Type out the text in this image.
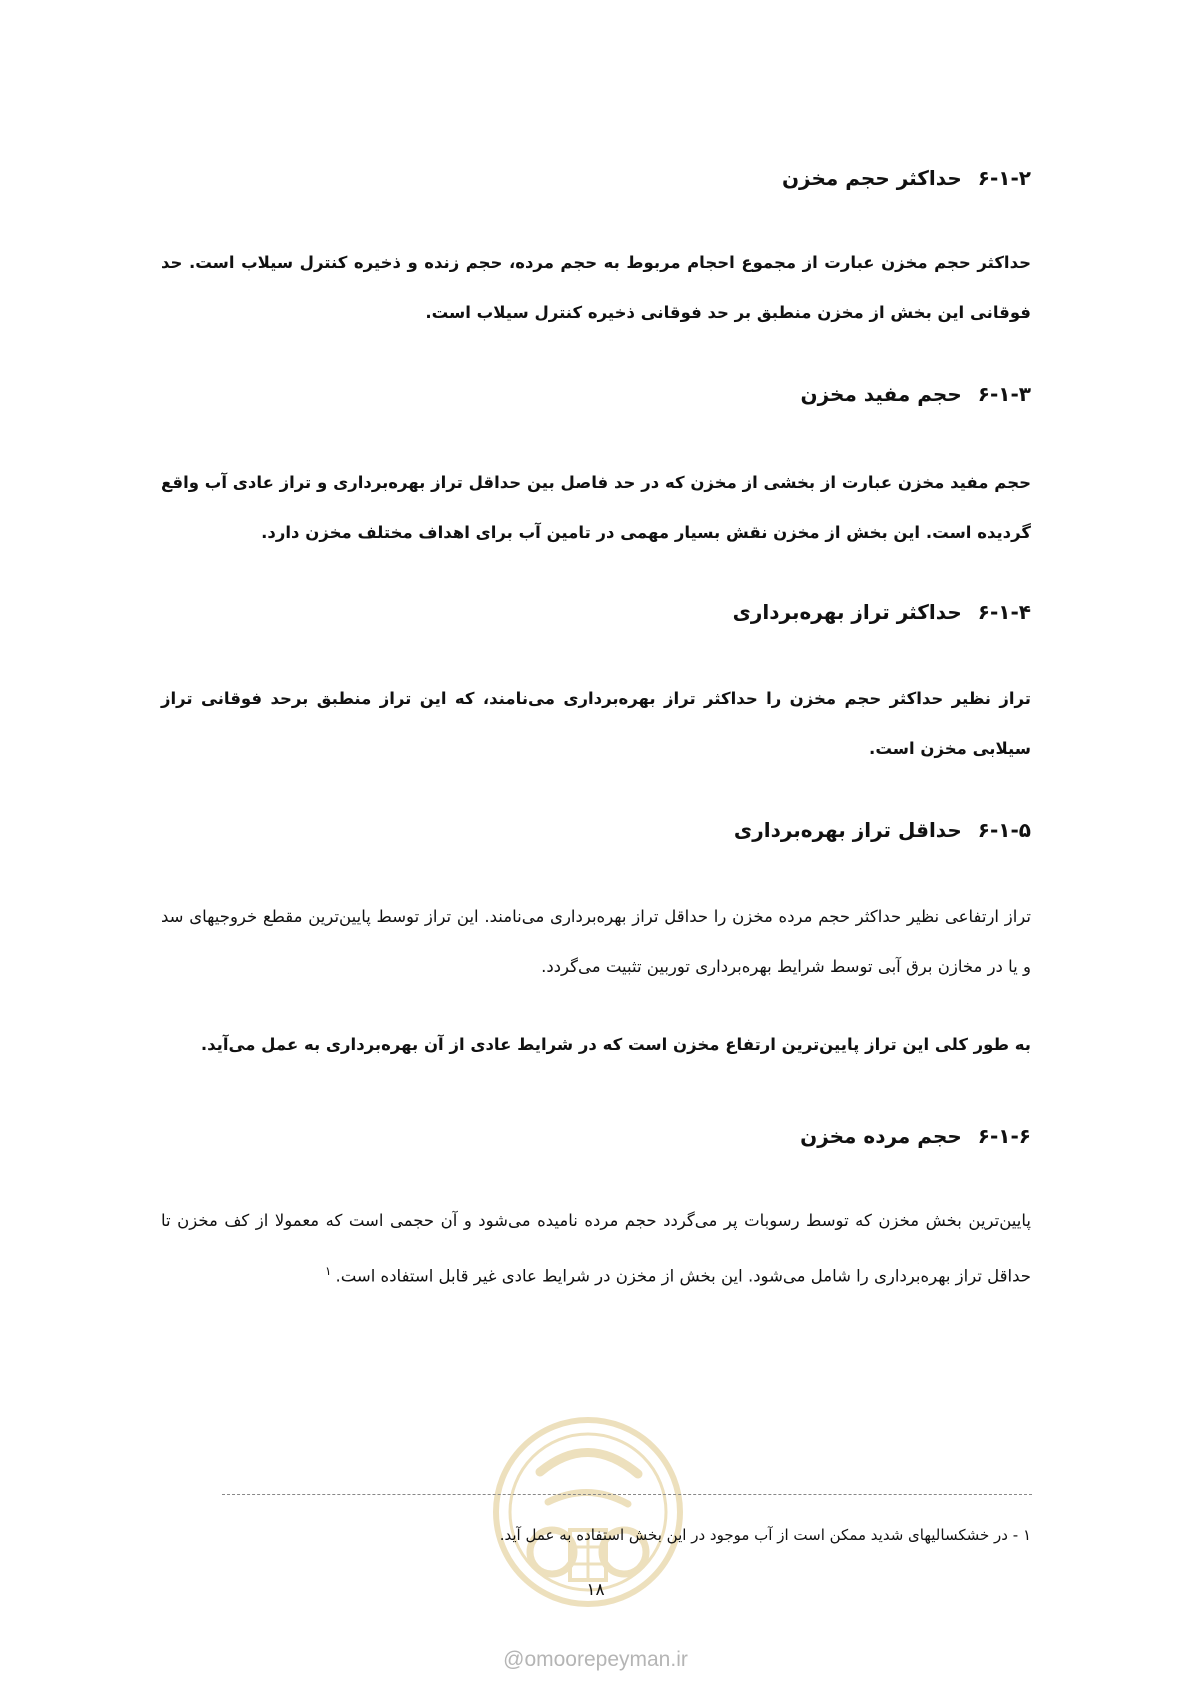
۶-۱-۲حداکثر حجم مخزن

حداکثر حجم مخزن عبارت از مجموع احجام مربوط به حجم مرده، حجم زنده و ذخیره کنترل سیلاب است. حد فوقانی این بخش از مخزن منطبق بر حد فوقانی ذخیره کنترل سیلاب است.

۶-۱-۳حجم مفید مخزن

حجم مفید مخزن عبارت از بخشی از مخزن که در حد فاصل بین حداقل تراز بهره‌برداری و تراز عادی آب واقع گردیده است. این بخش از مخزن نقش بسیار مهمی در تامین آب برای اهداف مختلف مخزن دارد.

۶-۱-۴حداکثر تراز بهره‌برداری

تراز نظیر حداکثر حجم مخزن را حداکثر تراز بهره‌برداری می‌نامند، که این تراز منطبق برحد فوقانی تراز سیلابی مخزن است.

۶-۱-۵حداقل تراز بهره‌برداری

تراز ارتفاعی نظیر حداکثر حجم مرده مخزن را حداقل تراز بهره‌برداری می‌نامند. این تراز توسط پایین‌ترین مقطع خروجیهای سد و یا در مخازن برق آبی توسط شرایط بهره‌برداری توربین تثبیت می‌گردد.

به طور کلی این تراز پایین‌ترین ارتفاع مخزن است که در شرایط عادی از آن بهره‌برداری به عمل می‌آید.

۶-۱-۶حجم مرده مخزن

پایین‌ترین بخش مخزن که توسط رسوبات پر می‌گردد حجم مرده نامیده می‌شود و آن حجمی است که معمولا از کف مخزن تا حداقل تراز بهره‌برداری را شامل می‌شود. این بخش از مخزن در شرایط عادی غیر قابل استفاده است.$^۱$

۱ - در خشکسالیهای شدید ممکن است از آب موجود در این بخش استفاده به عمل آید.
۱۸
@omoorepeyman.ir
